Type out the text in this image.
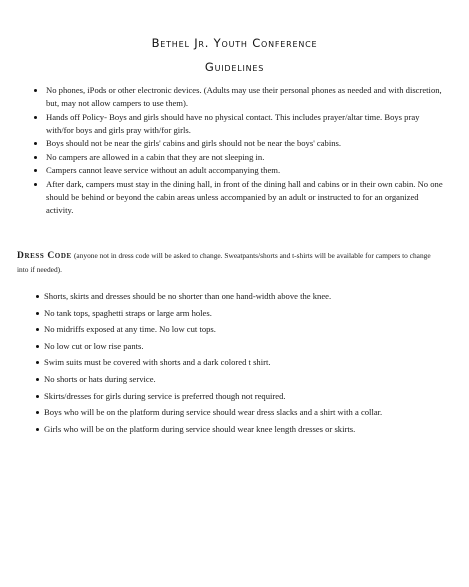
Bethel Jr. Youth Conference
Guidelines
No phones, iPods or other electronic devices. (Adults may use their personal phones as needed and with discretion, but, may not allow campers to use them).
Hands off Policy- Boys and girls should have no physical contact. This includes prayer/altar time. Boys pray with/for boys and girls pray with/for girls.
Boys should not be near the girls' cabins and girls should not be near the boys' cabins.
No campers are allowed in a cabin that they are not sleeping in.
Campers cannot leave service without an adult accompanying them.
After dark, campers must stay in the dining hall, in front of the dining hall and cabins or in their own cabin. No one should be behind or beyond the cabin areas unless accompanied by an adult or instructed to for an organized activity.
Dress Code (anyone not in dress code will be asked to change. Sweatpants/shorts and t-shirts will be available for campers to change into if needed).
Shorts, skirts and dresses should be no shorter than one hand-width above the knee.
No tank tops, spaghetti straps or large arm holes.
No midriffs exposed at any time. No low cut tops.
No low cut or low rise pants.
Swim suits must be covered with shorts and a dark colored t shirt.
No shorts or hats during service.
Skirts/dresses for girls during service is preferred though not required.
Boys who will be on the platform during service should wear dress slacks and a shirt with a collar.
Girls who will be on the platform during service should wear knee length dresses or skirts.
